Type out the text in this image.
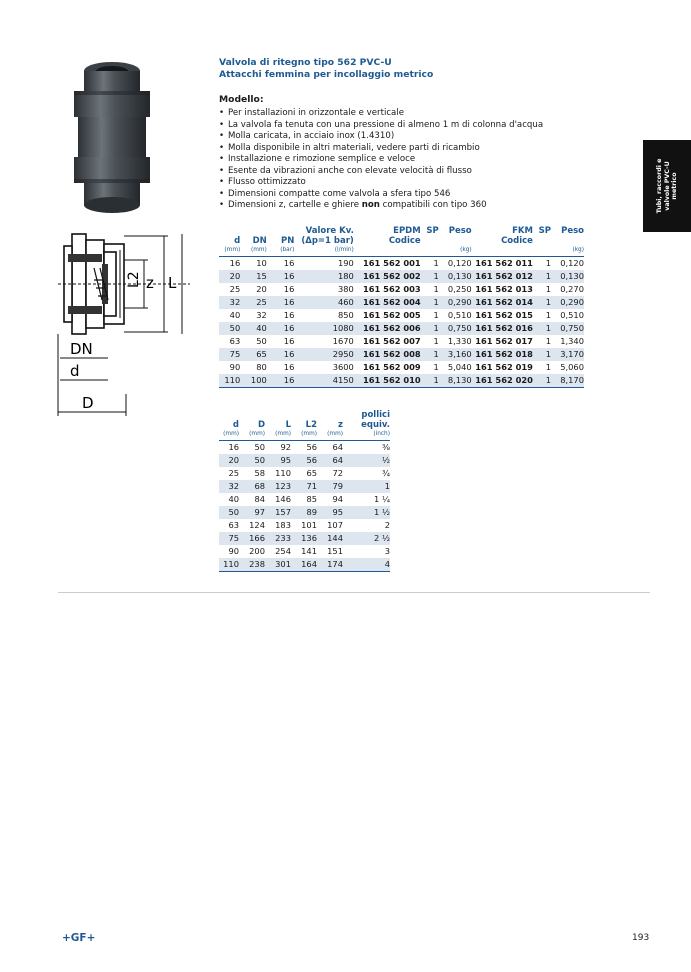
L2 z L
DN
d
D
Valvola di ritegno tipo 562 PVC-U
Attacchi femmina per incollaggio metrico
Modello:
• Per installazioni in orizzontale e verticale
• La valvola fa tenuta con una pressione di almeno 1 m di colonna d'acqua
• Molla caricata, in acciaio inox (1.4310)
• Molla disponibile in altri materiali, vedere parti di ricambio
• Installazione e rimozione semplice e veloce
• Esente da vibrazioni anche con elevate velocità di flusso
• Flusso ottimizzato
• Dimensioni compatte come valvola a sfera tipo 546
• Dimensioni z, cartelle e ghiere non compatibili con tipo 360	Tubi, raccordi e
valvole PVC-U
metrico
d	DN	PN	Valore Kv.
(Δp=1 bar)	EPDM
Codice	SP	Peso	FKM
Codice	SP	Peso
(mm)	(mm)	(bar)	(l/min)			(kg)			(kg)
16	10	16	190	161 562 001	1	0,120	161 562 011	1	0,120
20	15	16	180	161 562 002	1	0,130	161 562 012	1	0,130
25	20	16	380	161 562 003	1	0,250	161 562 013	1	0,270
32	25	16	460	161 562 004	1	0,290	161 562 014	1	0,290
40	32	16	850	161 562 005	1	0,510	161 562 015	1	0,510
50	40	16	1080	161 562 006	1	0,750	161 562 016	1	0,750
63	50	16	1670	161 562 007	1	1,330	161 562 017	1	1,340
75	65	16	2950	161 562 008	1	3,160	161 562 018	1	3,170
90	80	16	3600	161 562 009	1	5,040	161 562 019	1	5,060
110	100	16	4150	161 562 010	1	8,130	161 562 020	1	8,170
d	D	L	L2	z	pollici
equiv.
(mm)	(mm)	(mm)	(mm)	(mm)	(inch)
16	50	92	56	64	⅜
20	50	95	56	64	½
25	58	110	65	72	¾
32	68	123	71	79	1
40	84	146	85	94	1 ¼
50	97	157	89	95	1 ½
63	124	183	101	107	2
75	166	233	136	144	2 ½
90	200	254	141	151	3
110	238	301	164	174	4
+GF+	193
